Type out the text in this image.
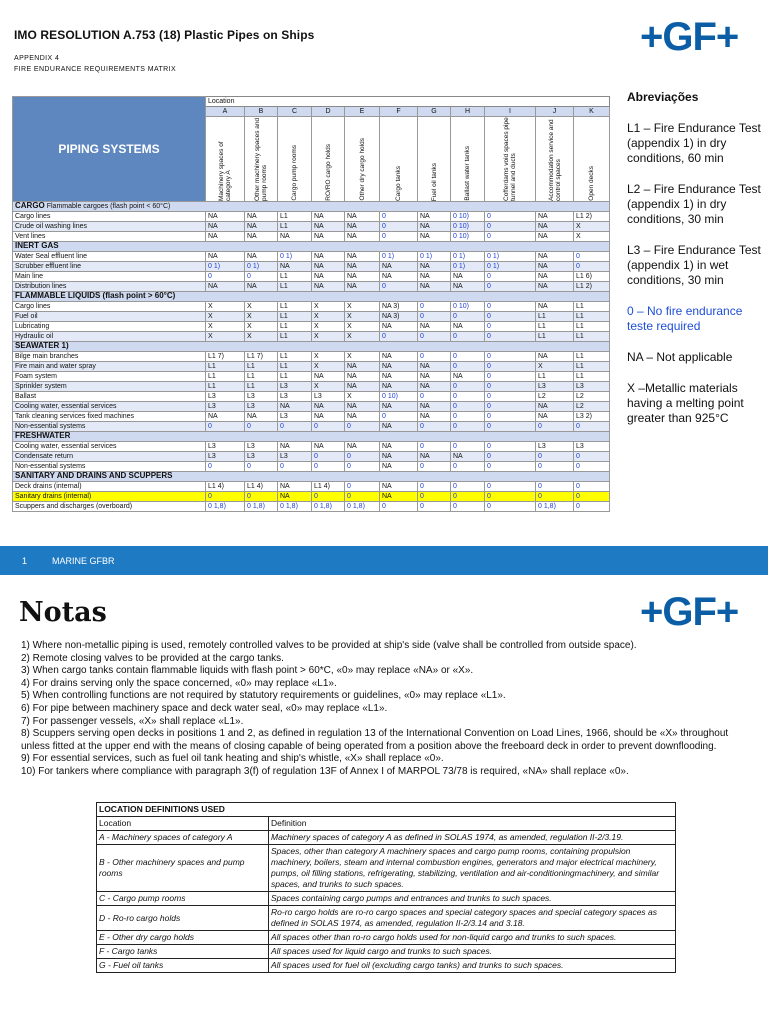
IMO RESOLUTION A.753 (18) Plastic Pipes on Ships
APPENDIX 4
FIRE ENDURANCE REQUIREMENTS MATRIX
+GF+
PIPING SYSTEMS	Location										
	A	B	C	D	E	F	G	H	I	J	K

	Machinery spaces of category A	Other machinery spaces and pump rooms	Cargo pump rooms	RO/RO cargo holds	Other dry cargo holds	Cargo tanks	Fuel oil tanks	Ballast water tanks	Cofferdams void spaces pipe tunnel and ducts	Accommodation service and control spaces	Open decks

CARGO Flammable cargoes (flash point < 60°C)											
Cargo lines	NA	NA	L1	NA	NA	0	NA	0 10)	0	NA	L1 2)
Crude oil washing lines	NA	NA	L1	NA	NA	0	NA	0 10)	0	NA	X
Vent lines	NA	NA	NA	NA	NA	0	NA	0 10)	0	NA	X
INERT GAS											
Water Seal effluent line	NA	NA	0 1)	NA	NA	0 1)	0 1)	0 1)	0 1)	NA	0
Scrubber effluent line	0 1)	0 1)	NA	NA	NA	NA	NA	0 1)	0 1)	NA	0
Main line	0	0	L1	NA	NA	NA	NA	NA	0	NA	L1 6)
Distribution lines	NA	NA	L1	NA	NA	0	NA	NA	0	NA	L1 2)
FLAMMABLE LIQUIDS (flash point > 60°C)											
Cargo lines	X	X	L1	X	X	NA 3)	0	0 10)	0	NA	L1
Fuel oil	X	X	L1	X	X	NA 3)	0	0	0	L1	L1
Lubricating	X	X	L1	X	X	NA	NA	NA	0	L1	L1
Hydraulic oil	X	X	L1	X	X	0	0	0	0	L1	L1
SEAWATER 1)											
Bilge main branches	L1 7)	L1 7)	L1	X	X	NA	0	0	0	NA	L1
Fire main and water spray	L1	L1	L1	X	NA	NA	NA	0	0	X	L1
Foam system	L1	L1	L1	NA	NA	NA	NA	NA	0	L1	L1
Sprinkler system	L1	L1	L3	X	NA	NA	NA	0	0	L3	L3
Ballast	L3	L3	L3	L3	X	0 10)	0	0	0	L2	L2
Cooling water, essential services	L3	L3	NA	NA	NA	NA	NA	0	0	NA	L2
Tank cleaning services fixed machines	NA	NA	L3	NA	NA	0	NA	0	0	NA	L3 2)
Non-essential systems	0	0	0	0	0	NA	0	0	0	0	0
FRESHWATER											
Cooling water, essential services	L3	L3	NA	NA	NA	NA	0	0	0	L3	L3
Condensate return	L3	L3	L3	0	0	NA	NA	NA	0	0	0
Non-essential systems	0	0	0	0	0	NA	0	0	0	0	0
SANITARY AND DRAINS AND SCUPPERS											
Deck drains (internal)	L1 4)	L1 4)	NA	L1 4)	0	NA	0	0	0	0	0
Sanitary drains (internal)	0	0	NA	0	0	NA	0	0	0	0	0
Scuppers and discharges (overboard)	0 1,8)	0 1,8)	0 1,8)	0 1,8)	0 1,8)	0	0	0	0	0 1,8)	0
Abreviações

L1 – Fire Endurance Test (appendix 1) in dry conditions, 60 min

L2 – Fire Endurance Test (appendix 1) in dry conditions, 30 min

L3 – Fire Endurance Test (appendix 1) in wet conditions, 30 min

0 – No fire endurance teste required

NA – Not applicable

X –Metallic materials having a melting point greater than 925°C

1	MARINE GFBR
Notas	+GF+
1) Where non-metallic piping is used, remotely controlled valves to be provided at ship's side (valve shall be controlled from outside space).
2) Remote closing valves to be provided at the cargo tanks.
3) When cargo tanks contain flammable liquids with flash point > 60*C, «0» may replace «NA» or «X».
4) For drains serving only the space concerned, «0» may replace «L1».
5) When controlling functions are not required by statutory requirements or guidelines, «0» may replace «L1».
6) For pipe between machinery space and deck water seal, «0» may replace «L1».
7) For passenger vessels, «X» shall replace «L1».
8) Scuppers serving open decks in positions 1 and 2, as defined in regulation 13 of the International Convention on Load Lines, 1966, should be «X» throughout unless fitted at the upper end with the means of closing capable of being operated from a position above the freeboard deck in order to prevent downflooding.
9) For essential services, such as fuel oil tank heating and ship's whistle, «X» shall replace «0».
10) For tankers where compliance with paragraph 3(f) of regulation 13F of Annex I of MARPOL 73/78 is required, «NA» shall replace «0».
LOCATION DEFINITIONS USED	
Location	Definition
A - Machinery spaces of category A	Machinery spaces of category A as defined in SOLAS 1974, as amended, regulation II-2/3.19.
B - Other machinery spaces and pump rooms	Spaces, other than category A machinery spaces and cargo pump rooms, containing propulsion machinery, boilers, steam and internal combustion engines, generators and major electrical machinery, pumps, oil filling stations, refrigerating, stabilizing, ventilation and air-conditioningmachinery, and similar spaces, and trunks to such spaces.
C - Cargo pump rooms	Spaces containing cargo pumps and entrances and trunks to such spaces.
D - Ro-ro cargo holds	Ro-ro cargo holds are ro-ro cargo spaces and special category spaces and special category spaces as defined in SOLAS 1974, as amended, regulation II-2/3.14 and 3.18.
E - Other dry cargo holds	All spaces other than ro-ro cargo holds used for non-liquid cargo and trunks to such spaces.
F - Cargo tanks	All spaces used for liquid cargo and trunks to such spaces.
G - Fuel oil tanks	All spaces used for fuel oil (excluding cargo tanks) and trunks to such spaces.
